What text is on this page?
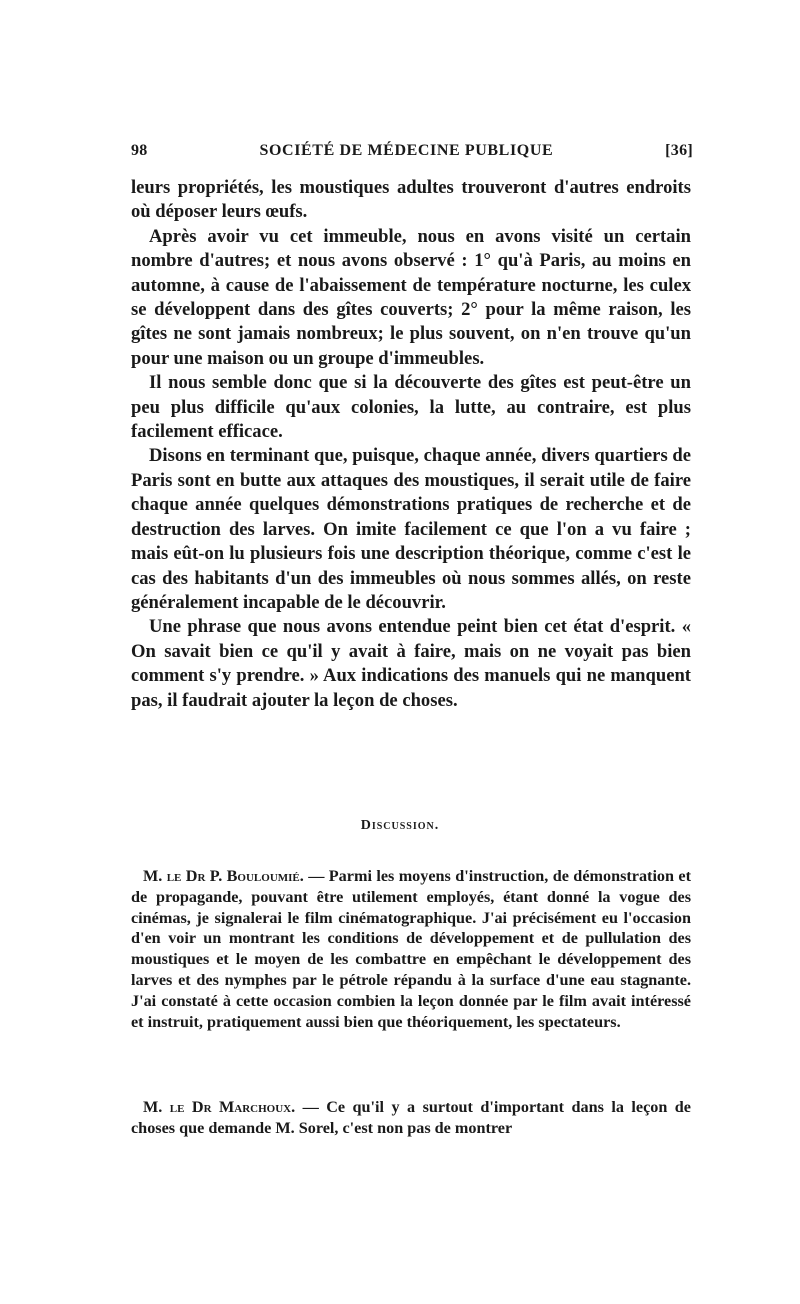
98	SOCIÉTÉ DE MÉDECINE PUBLIQUE	[36]

leurs propriétés, les moustiques adultes trouveront d'autres endroits où déposer leurs œufs.

Après avoir vu cet immeuble, nous en avons visité un certain nombre d'autres; et nous avons observé : 1° qu'à Paris, au moins en automne, à cause de l'abaissement de température nocturne, les culex se développent dans des gîtes couverts; 2° pour la même raison, les gîtes ne sont jamais nombreux; le plus souvent, on n'en trouve qu'un pour une maison ou un groupe d'immeubles.

Il nous semble donc que si la découverte des gîtes est peut-être un peu plus difficile qu'aux colonies, la lutte, au contraire, est plus facilement efficace.

Disons en terminant que, puisque, chaque année, divers quartiers de Paris sont en butte aux attaques des moustiques, il serait utile de faire chaque année quelques démonstrations pratiques de recherche et de destruction des larves. On imite facilement ce que l'on a vu faire ; mais eût-on lu plusieurs fois une description théorique, comme c'est le cas des habitants d'un des immeubles où nous sommes allés, on reste généralement incapable de le découvrir.

Une phrase que nous avons entendue peint bien cet état d'esprit. « On savait bien ce qu'il y avait à faire, mais on ne voyait pas bien comment s'y prendre. » Aux indications des manuels qui ne manquent pas, il faudrait ajouter la leçon de choses.

Discussion.

M. le Dr P. Bouloumié. — Parmi les moyens d'instruction, de démonstration et de propagande, pouvant être utilement employés, étant donné la vogue des cinémas, je signalerai le film cinématographique. J'ai précisément eu l'occasion d'en voir un montrant les conditions de développement et de pullulation des moustiques et le moyen de les combattre en empêchant le développement des larves et des nymphes par le pétrole répandu à la surface d'une eau stagnante. J'ai constaté à cette occasion combien la leçon donnée par le film avait intéressé et instruit, pratiquement aussi bien que théoriquement, les spectateurs.

M. le Dr Marchoux. — Ce qu'il y a surtout d'important dans la leçon de choses que demande M. Sorel, c'est non pas de montrer
